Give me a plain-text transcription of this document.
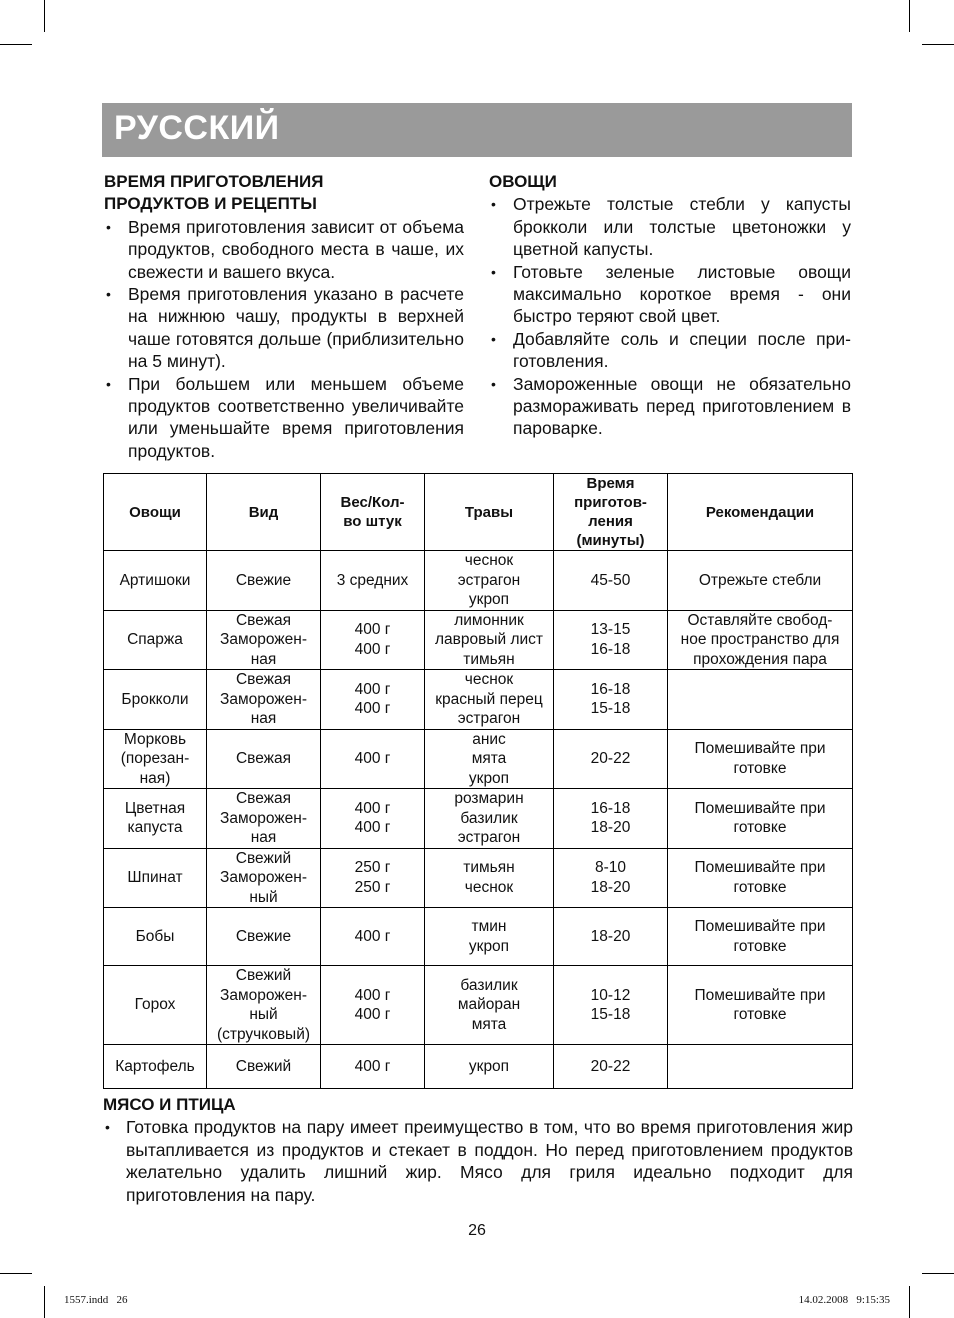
РУССКИЙ
ВРЕМЯ ПРИГОТОВЛЕНИЯ
ПРОДУКТОВ И РЕЦЕПТЫ
• Время приготовления зависит от объема продуктов, свободного места в чаше, их свежести и вашего вкуса.
• Время приготовления указано в расчете на нижнюю чашу, продукты в верхней чаше готовятся дольше (приблизительно на 5 минут).
• При большем или меньшем объеме продуктов соответственно увеличивайте или уменьшайте время приготовления продуктов.
ОВОЩИ
• Отрежьте толстые стебли у капусты брокколи или толстые цветоножки у цветной капусты.
• Готовьте зеленые листовые овощи максимально короткое время - они быстро теряют свой цвет.
• Добавляйте соль и специи после приготовления.
• Замороженные овощи не обязательно размораживать перед приготовлением в пароварке.
Овощи	Вид	Вес/Кол-
во штук	Травы	Время
приготов-
ления
(минуты)	Рекомендации
Артишоки	Свежие	3 средних	чеснок
эстрагон
укроп	45-50	Отрежьте стебли
Спаржа	Свежая
Заморожен-
ная	400 г
400 г	лимонник
лавровый лист
тимьян	13-15
16-18	Оставляйте свобод-
ное пространство для
прохождения пара
Брокколи	Свежая
Заморожен-
ная	400 г
400 г	чеснок
красный перец
эстрагон	16-18
15-18	
Морковь
(порезан-
ная)	Свежая	400 г	анис
мята
укроп	20-22	Помешивайте при
готовке
Цветная
капуста	Свежая
Заморожен-
ная	400 г
400 г	розмарин
базилик
эстрагон	16-18
18-20	Помешивайте при
готовке
Шпинат	Свежий
Заморожен-
ный	250 г
250 г	тимьян
чеснок	8-10
18-20	Помешивайте при
готовке
Бобы	Свежие	400 г	тмин
укроп	18-20	Помешивайте при
готовке
Горох	Свежий
Заморожен-
ный
(стручковый)	400 г
400 г	базилик
майоран
мята	10-12
15-18	Помешивайте при
готовке
Картофель	Свежий	400 г	укроп	20-22	
МЯСО И ПТИЦА
• Готовка продуктов на пару имеет преимущество в том, что во время приготовления жир вытапливается из продуктов и стекает в поддон. Но перед приготовлением продуктов желательно удалить лишний жир. Мясо для гриля идеально подходит для приготовления на пару.
26
1557.indd   26	14.02.2008   9:15:35
